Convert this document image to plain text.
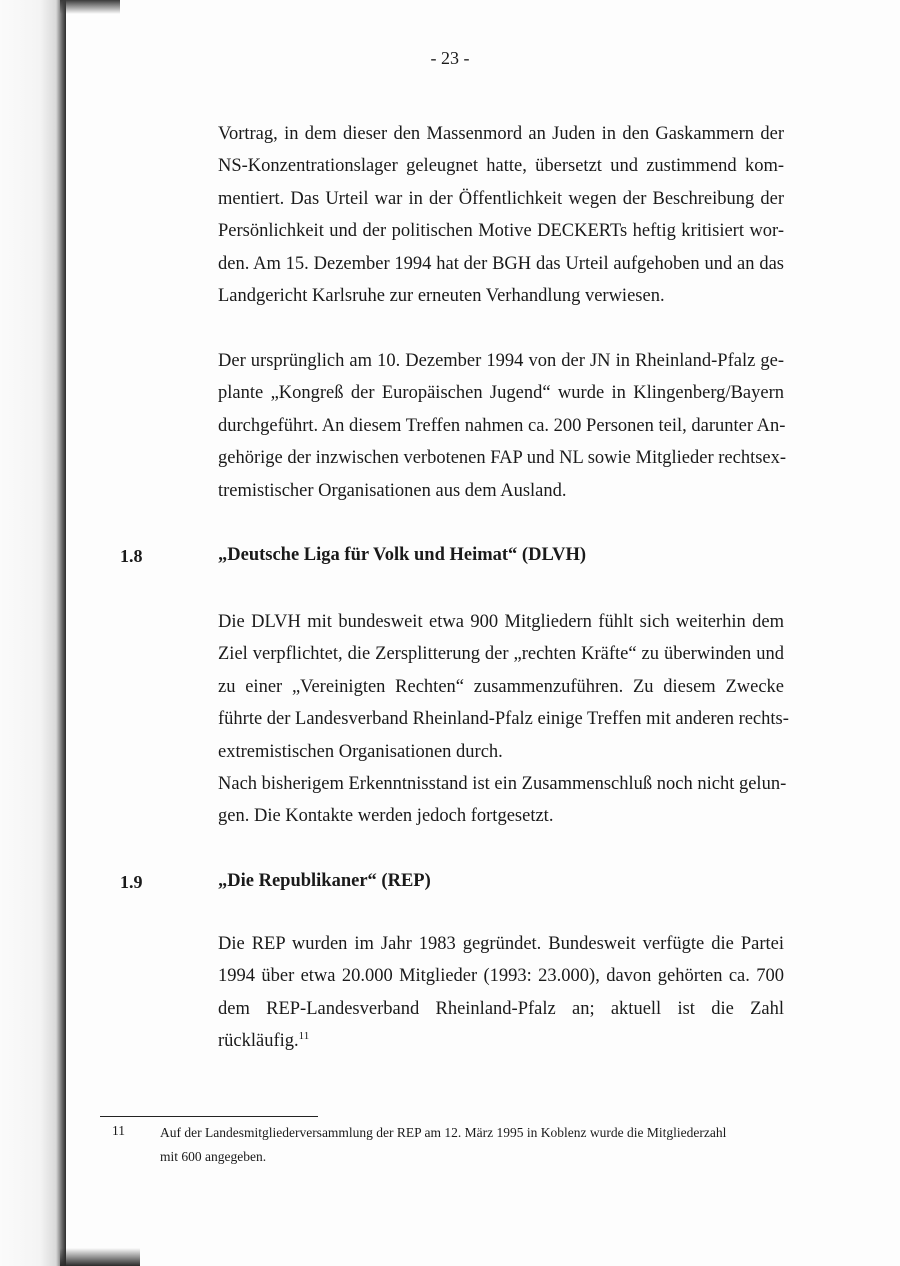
- 23 -

Vortrag, in dem dieser den Massenmord an Juden in den Gaskammern der
NS-Konzentrationslager geleugnet hatte, übersetzt und zustimmend kom-
mentiert. Das Urteil war in der Öffentlichkeit wegen der Beschreibung der
Persönlichkeit und der politischen Motive DECKERTs heftig kritisiert wor-
den. Am 15. Dezember 1994 hat der BGH das Urteil aufgehoben und an das
Landgericht Karlsruhe zur erneuten Verhandlung verwiesen.

Der ursprünglich am 10. Dezember 1994 von der JN in Rheinland-Pfalz ge-
plante „Kongreß der Europäischen Jugend“ wurde in Klingenberg/Bayern
durchgeführt. An diesem Treffen nahmen ca. 200 Personen teil, darunter An-
gehörige der inzwischen verbotenen FAP und NL sowie Mitglieder rechtsex-
tremistischer Organisationen aus dem Ausland.

1.8	„Deutsche Liga für Volk und Heimat“ (DLVH)

Die DLVH mit bundesweit etwa 900 Mitgliedern fühlt sich weiterhin dem
Ziel verpflichtet, die Zersplitterung der „rechten Kräfte“ zu überwinden und
zu einer „Vereinigten Rechten“ zusammenzuführen. Zu diesem Zwecke
führte der Landesverband Rheinland-Pfalz einige Treffen mit anderen rechts-
extremistischen Organisationen durch.

Nach bisherigem Erkenntnisstand ist ein Zusammenschluß noch nicht gelun-
gen. Die Kontakte werden jedoch fortgesetzt.

1.9	„Die Republikaner“ (REP)

Die REP wurden im Jahr 1983 gegründet. Bundesweit verfügte die Partei
1994 über etwa 20.000 Mitglieder (1993: 23.000), davon gehörten ca. 700
dem REP-Landesverband Rheinland-Pfalz an; aktuell ist die Zahl
rückläufig.$^{11}$

11	Auf der Landesmitgliederversammlung der REP am 12. März 1995 in Koblenz wurde die Mitgliederzahl
mit 600 angegeben.
